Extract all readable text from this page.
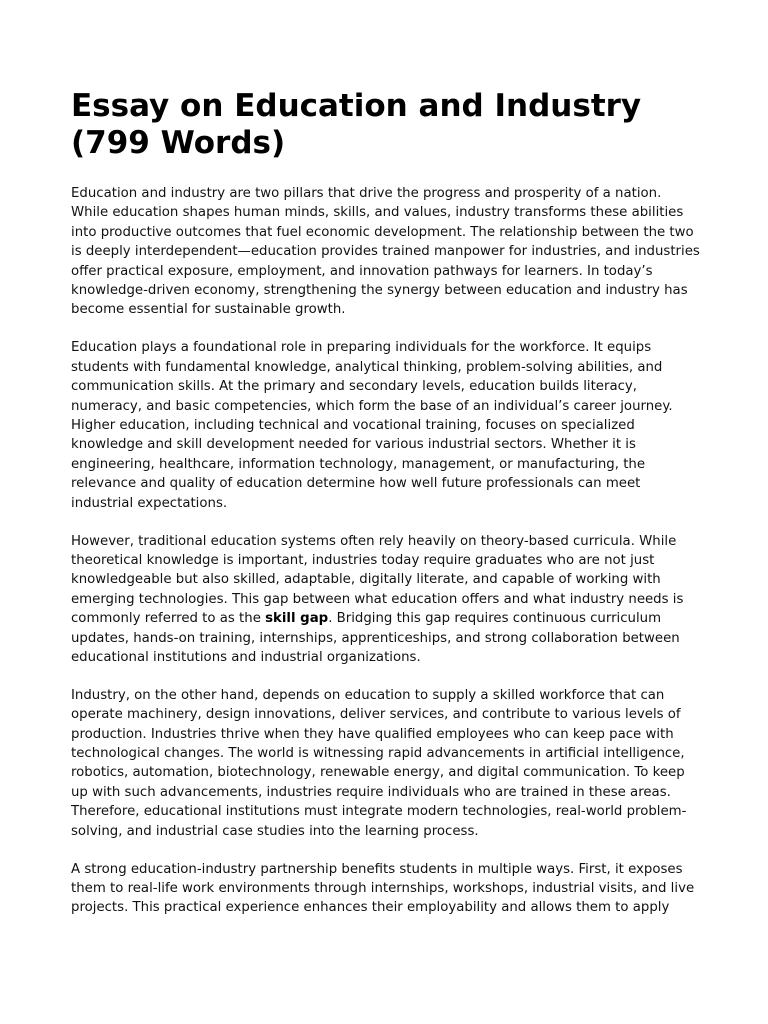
Essay on Education and Industry (799 Words)

Education and industry are two pillars that drive the progress and prosperity of a nation. While education shapes human minds, skills, and values, industry transforms these abilities into productive outcomes that fuel economic development. The relationship between the two is deeply interdependent—education provides trained manpower for industries, and industries offer practical exposure, employment, and innovation pathways for learners. In today’s knowledge-driven economy, strengthening the synergy between education and industry has become essential for sustainable growth.

Education plays a foundational role in preparing individuals for the workforce. It equips students with fundamental knowledge, analytical thinking, problem-solving abilities, and communication skills. At the primary and secondary levels, education builds literacy, numeracy, and basic competencies, which form the base of an individual’s career journey. Higher education, including technical and vocational training, focuses on specialized knowledge and skill development needed for various industrial sectors. Whether it is engineering, healthcare, information technology, management, or manufacturing, the relevance and quality of education determine how well future professionals can meet industrial expectations.

However, traditional education systems often rely heavily on theory-based curricula. While theoretical knowledge is important, industries today require graduates who are not just knowledgeable but also skilled, adaptable, digitally literate, and capable of working with emerging technologies. This gap between what education offers and what industry needs is commonly referred to as the skill gap. Bridging this gap requires continuous curriculum updates, hands-on training, internships, apprenticeships, and strong collaboration between educational institutions and industrial organizations.

Industry, on the other hand, depends on education to supply a skilled workforce that can operate machinery, design innovations, deliver services, and contribute to various levels of production. Industries thrive when they have qualified employees who can keep pace with technological changes. The world is witnessing rapid advancements in artificial intelligence, robotics, automation, biotechnology, renewable energy, and digital communication. To keep up with such advancements, industries require individuals who are trained in these areas. Therefore, educational institutions must integrate modern technologies, real-world problem-solving, and industrial case studies into the learning process.

A strong education-industry partnership benefits students in multiple ways. First, it exposes them to real-life work environments through internships, workshops, industrial visits, and live projects. This practical experience enhances their employability and allows them to apply
